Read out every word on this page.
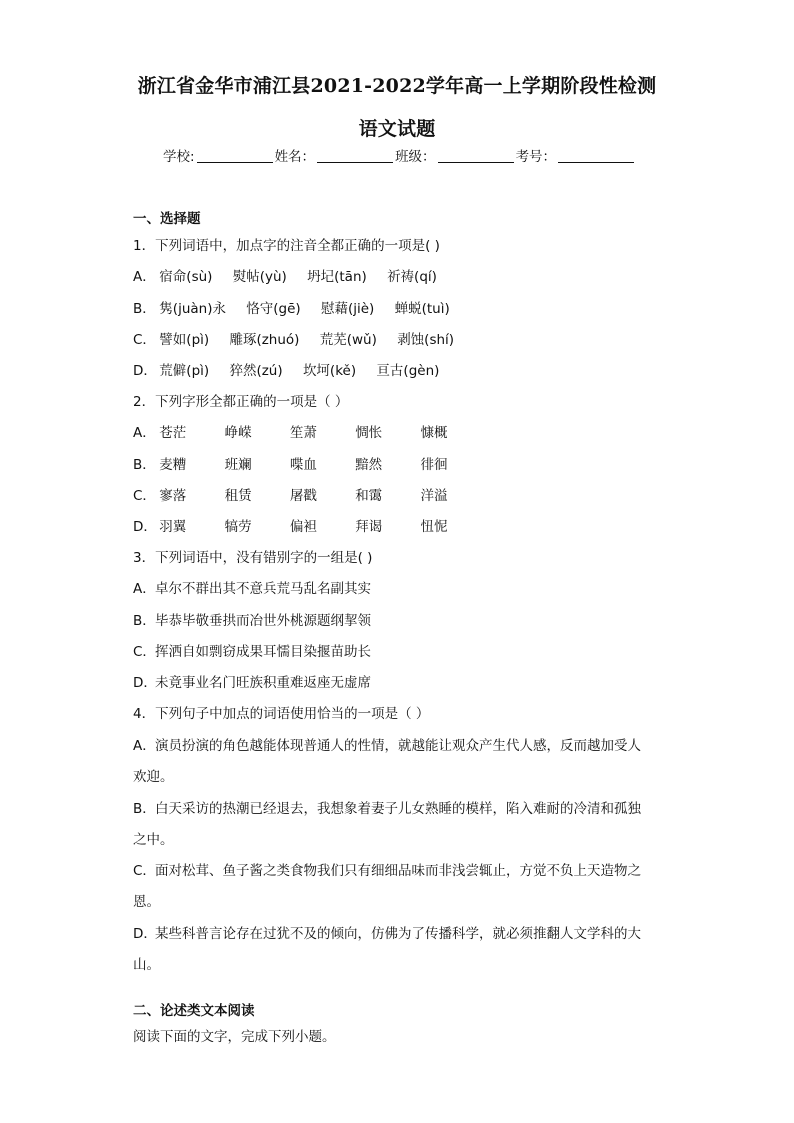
浙江省金华市浦江县2021-2022学年高一上学期阶段性检测
语文试题
学校:	姓名：	班级：	考号：
一、选择题
1．下列词语中，加点字的注音全都正确的一项是( )
A． 宿命(sù) 熨帖(yù) 坍圮(tān) 祈祷(qí)
B． 隽(juàn)永 恪守(gē) 慰藉(jiè) 蝉蜕(tuì)
C． 譬如(pì) 雕琢(zhuó) 荒芜(wǔ) 剥蚀(shí)
D． 荒僻(pì) 猝然(zú) 坎坷(kě) 亘古(gèn)
2．下列字形全都正确的一项是（ ）
A． 苍茫	峥嵘	笙萧	惆怅	慷概
B． 麦糟	班斓	喋血	黯然	徘徊
C． 寥落	租赁	屠戳	和霭	洋溢
D． 羽翼	犒劳	偏袒	拜谒	忸怩
3．下列词语中，没有错别字的一组是( )
A．卓尔不群出其不意兵荒马乱名副其实
B．毕恭毕敬垂拱而冶世外桃源题纲挈领
C．挥洒自如剽窃成果耳懦目染揠苗助长
D．未竟事业名门旺族积重难返座无虚席
4．下列句子中加点的词语使用恰当的一项是（ ）
A．演员扮演的角色越能体现普通人的性情，就越能让观众产生代人感，反而越加受人
欢迎。
B．白天采访的热潮已经退去，我想象着妻子儿女熟睡的模样，陷入难耐的冷清和孤独
之中。
C．面对松茸、鱼子酱之类食物我们只有细细品味而非浅尝辄止，方觉不负上天造物之
恩。
D．某些科普言论存在过犹不及的倾向，仿佛为了传播科学，就必须推翻人文学科的大
山。
二、论述类文本阅读
阅读下面的文字，完成下列小题。
